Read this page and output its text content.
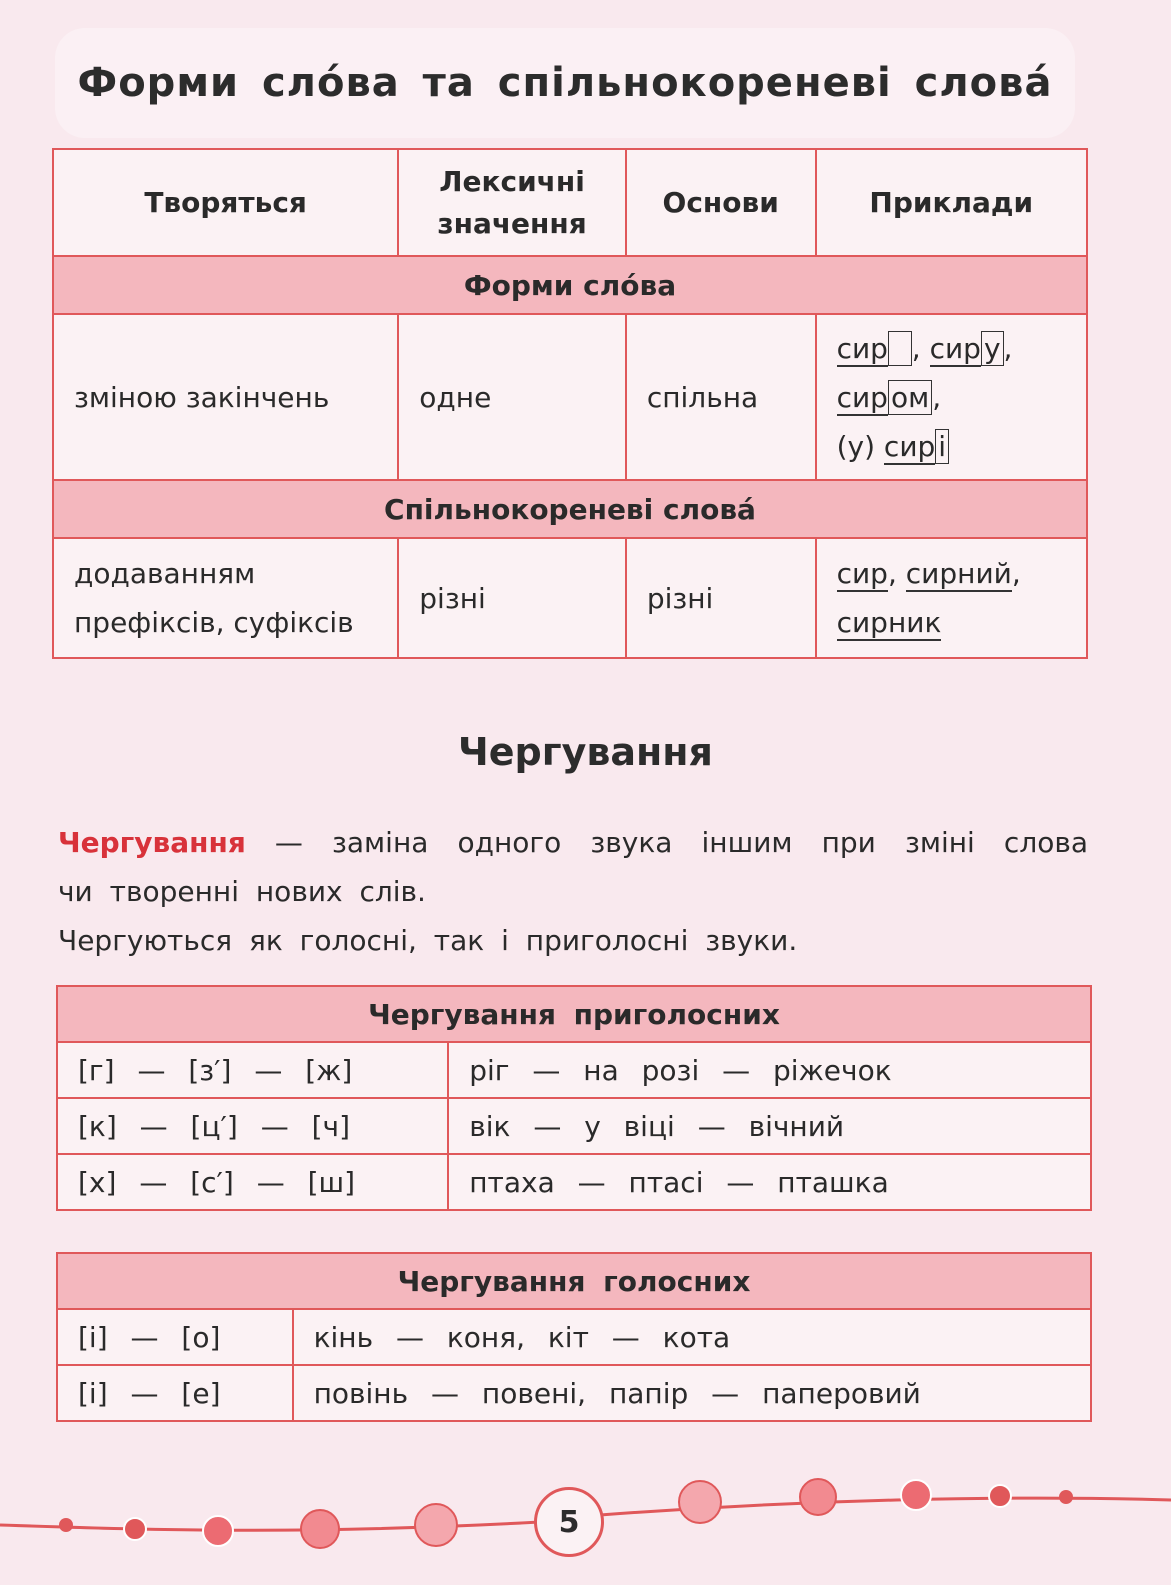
Форми сло́ва та спільнокореневі слова́
Творяться	Лексичні значення	Основи	Приклади
Форми сло́ва			
зміною закінчень	одне	спільна	сир , сир у ,
сир ом ,
(у) сир і
Спільнокореневі слова́			
додаванням префіксів, суфіксів	різні	різні	сир, сирний,
сирник
Чергування

Чергування — заміна одного звука іншим при зміні слова

чи творенні нових слів.

Чергуються як голосні, так і приголосні звуки.

Чергування приголосних	
[г] — [з′] — [ж]	ріг — на розі — ріжечок
[к] — [ц′] — [ч]	вік — у віці — вічний
[х] — [с′] — [ш]	птаха — птасі — пташка
Чергування голосних	
[і] — [о]	кінь — коня, кіт — кота
[і] — [е]	повінь — повені, папір — паперовий
5
